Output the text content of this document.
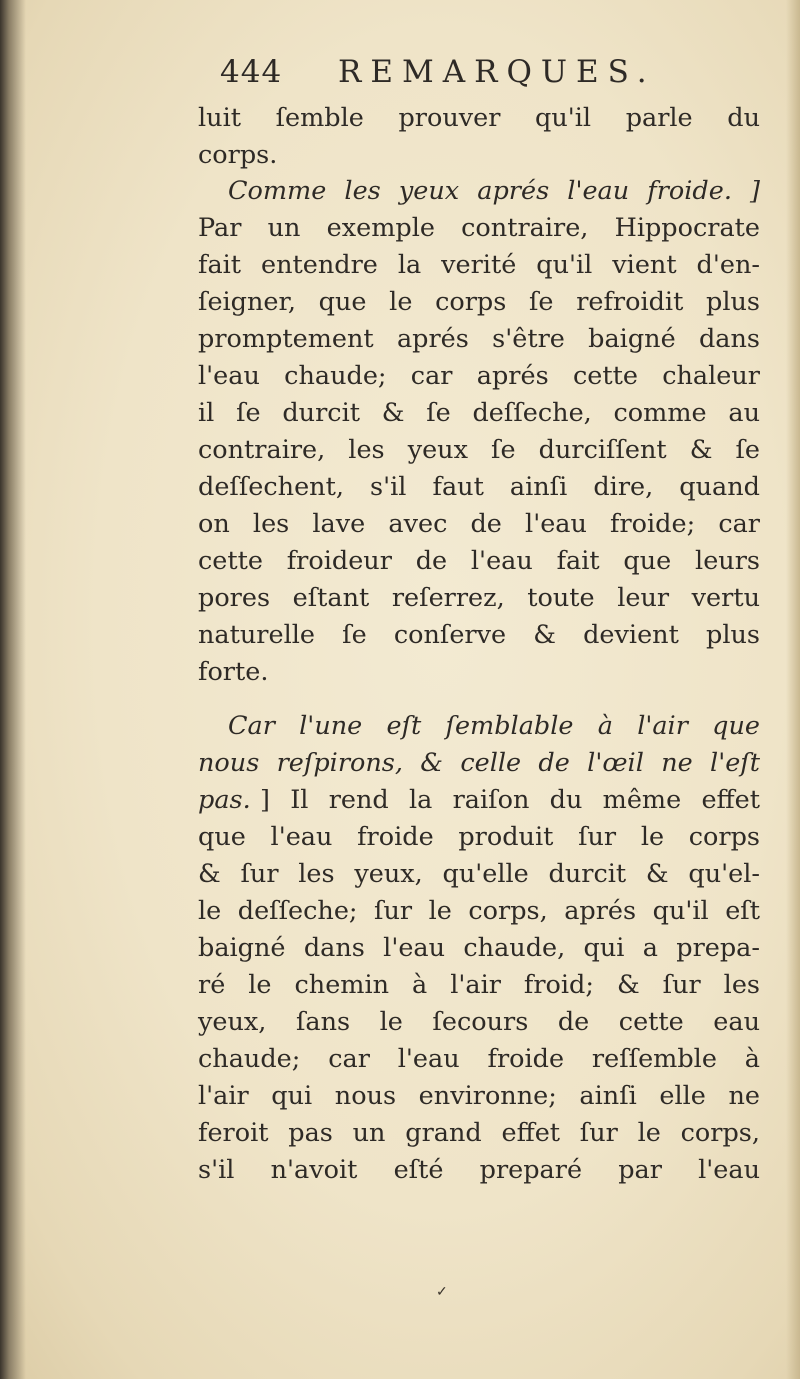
444 REMARQUES.
luit ſemble prouver qu'il parle du
corps.
Comme les yeux aprés l'eau froide. ]
Par un exemple contraire, Hippocrate
fait entendre la verité qu'il vient d'en-
ſeigner, que le corps ſe refroidit plus
promptement aprés s'être baigné dans
l'eau chaude; car aprés cette chaleur
il ſe durcit & ſe deſſeche, comme au
contraire, les yeux ſe durciſſent & ſe
deſſechent, s'il faut ainſi dire, quand
on les lave avec de l'eau froide; car
cette froideur de l'eau fait que leurs
pores eſtant reſerrez, toute leur vertu
naturelle ſe conſerve & devient plus
forte.
Car l'une eſt ſemblable à l'air que
nous reſpirons, & celle de l'œil ne l'eſt
pas. ] Il rend la raiſon du même effet
que l'eau froide produit ſur le corps
& ſur les yeux, qu'elle durcit & qu'el-
le deſſeche; ſur le corps, aprés qu'il eſt
baigné dans l'eau chaude, qui a prepa-
ré le chemin à l'air froid; & ſur les
yeux, ſans le ſecours de cette eau
chaude; car l'eau froide reſſemble à
l'air qui nous environne; ainſi elle ne
feroit pas un grand effet ſur le corps,
s'il n'avoit eſté preparé par l'eau
✓
